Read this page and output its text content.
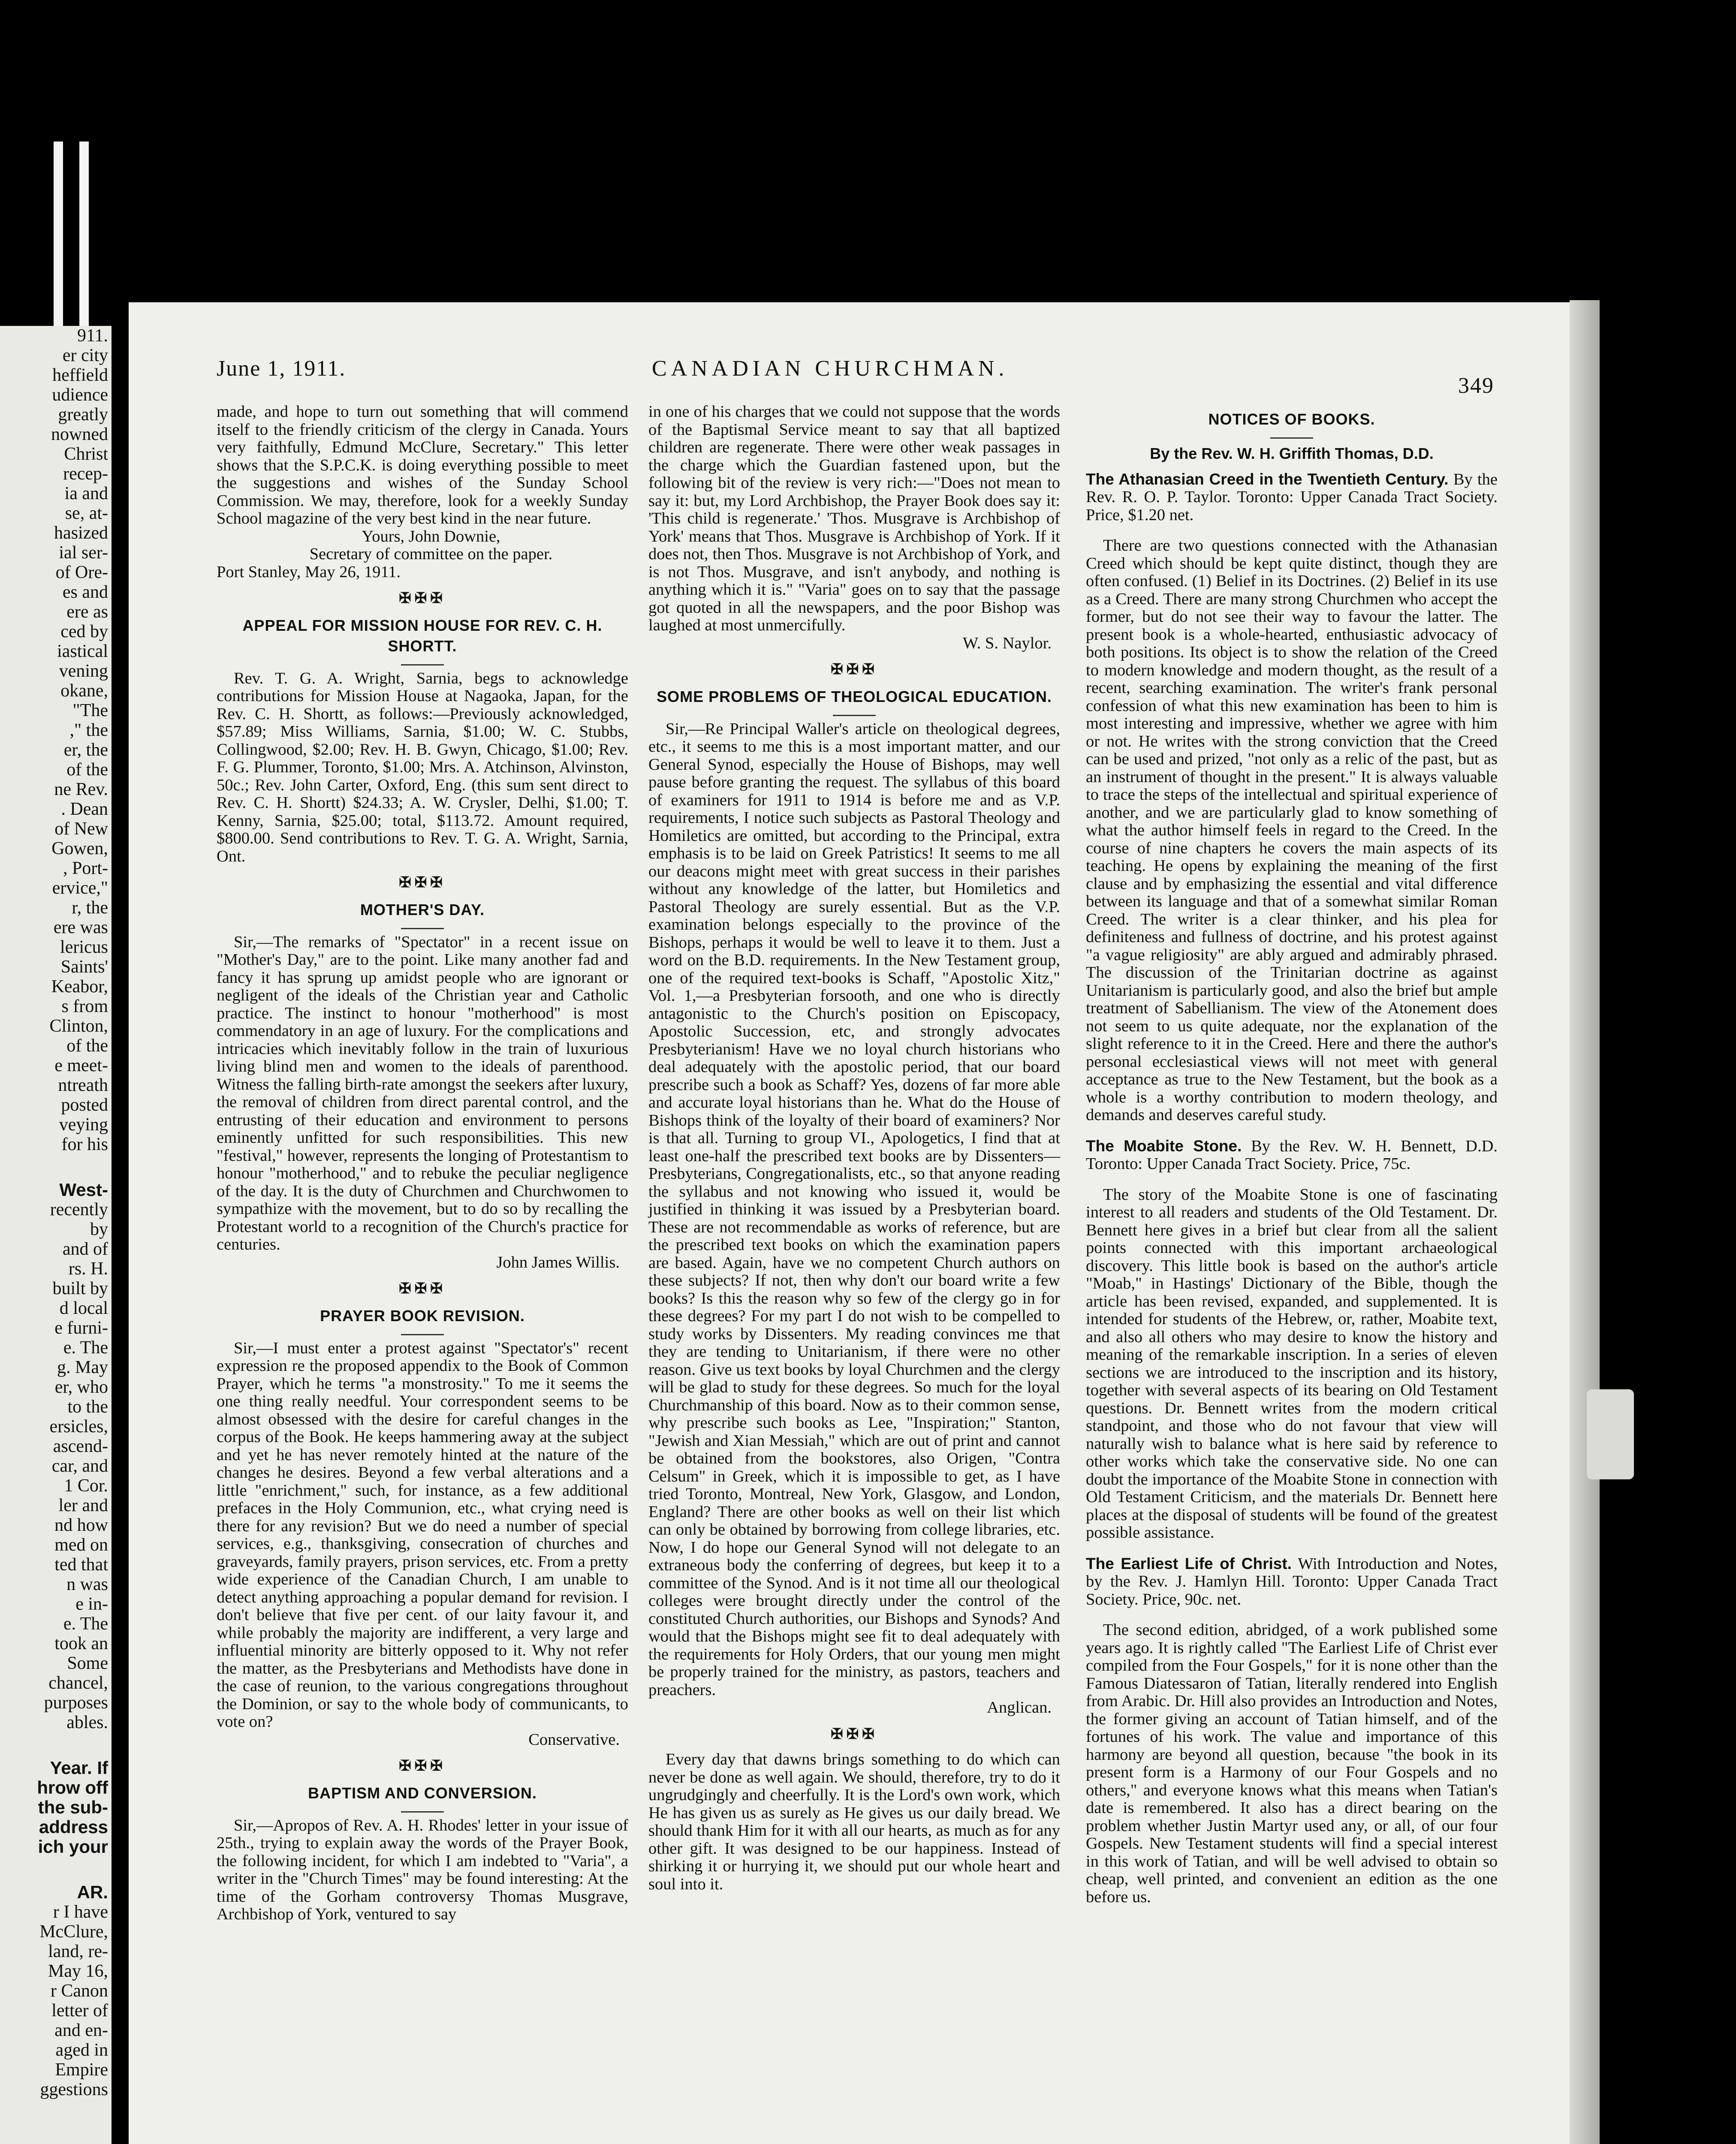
911.
er city
heffield
udience
greatly
nowned
Christ
recep-
ia and
se, at-
hasized
ial ser-
of Ore-
es and
ere as
ced by
iastical
vening
okane,
"The
," the
er, the
of the
ne Rev.
. Dean
of New
Gowen,
, Port-
ervice,"
r, the
ere was
lericus
Saints'
Keabor,
s from
Clinton,
of the
e meet-
ntreath
posted
veying
for his
West-
recently
by
and of
rs. H.
built by
d local
e furni-
e. The
g. May
er, who
to the
ersicles,
ascend-
car, and
1 Cor.
ler and
nd how
med on
ted that
n was
e in-
e. The
took an
Some
chancel,
purposes
ables.
Year. If
hrow off
the sub-
address
ich your
AR.
r I have
McClure,
land, re-
May 16,
r Canon
letter of
and en-
aged in
Empire
ggestions
June 1, 1911.	CANADIAN CHURCHMAN.
349

made, and hope to turn out something that will commend itself to the friendly criticism of the clergy in Canada. Yours very faithfully, Edmund McClure, Secretary." This letter shows that the S.P.C.K. is doing everything possible to meet the suggestions and wishes of the Sunday School Commission. We may, therefore, look for a weekly Sunday School magazine of the very best kind in the near future.

Yours, John Downie,

Secretary of committee on the paper.

Port Stanley, May 26, 1911.

✠✠✠
APPEAL FOR MISSION HOUSE FOR REV. C. H. SHORTT.

Rev. T. G. A. Wright, Sarnia, begs to acknowledge contributions for Mission House at Nagaoka, Japan, for the Rev. C. H. Shortt, as follows:—Previously acknowledged, $57.89; Miss Williams, Sarnia, $1.00; W. C. Stubbs, Collingwood, $2.00; Rev. H. B. Gwyn, Chicago, $1.00; Rev. F. G. Plummer, Toronto, $1.00; Mrs. A. Atchinson, Alvinston, 50c.; Rev. John Carter, Oxford, Eng. (this sum sent direct to Rev. C. H. Shortt) $24.33; A. W. Crysler, Delhi, $1.00; T. Kenny, Sarnia, $25.00; total, $113.72. Amount required, $800.00. Send contributions to Rev. T. G. A. Wright, Sarnia, Ont.

✠✠✠
MOTHER'S DAY.

Sir,—The remarks of "Spectator" in a recent issue on "Mother's Day," are to the point. Like many another fad and fancy it has sprung up amidst people who are ignorant or negligent of the ideals of the Christian year and Catholic practice. The instinct to honour "motherhood" is most commendatory in an age of luxury. For the complications and intricacies which inevitably follow in the train of luxurious living blind men and women to the ideals of parenthood. Witness the falling birth-rate amongst the seekers after luxury, the removal of children from direct parental control, and the entrusting of their education and environment to persons eminently unfitted for such responsibilities. This new "festival," however, represents the longing of Protestantism to honour "motherhood," and to rebuke the peculiar negligence of the day. It is the duty of Churchmen and Churchwomen to sympathize with the movement, but to do so by recalling the Protestant world to a recognition of the Church's practice for centuries.

John James Willis.

✠✠✠
PRAYER BOOK REVISION.

Sir,—I must enter a protest against "Spectator's" recent expression re the proposed appendix to the Book of Common Prayer, which he terms "a monstrosity." To me it seems the one thing really needful. Your correspondent seems to be almost obsessed with the desire for careful changes in the corpus of the Book. He keeps hammering away at the subject and yet he has never remotely hinted at the nature of the changes he desires. Beyond a few verbal alterations and a little "enrichment," such, for instance, as a few additional prefaces in the Holy Communion, etc., what crying need is there for any revision? But we do need a number of special services, e.g., thanksgiving, consecration of churches and graveyards, family prayers, prison services, etc. From a pretty wide experience of the Canadian Church, I am unable to detect anything approaching a popular demand for revision. I don't believe that five per cent. of our laity favour it, and while probably the majority are indifferent, a very large and influential minority are bitterly opposed to it. Why not refer the matter, as the Presbyterians and Methodists have done in the case of reunion, to the various congregations throughout the Dominion, or say to the whole body of communicants, to vote on?

Conservative.

✠✠✠
BAPTISM AND CONVERSION.

Sir,—Apropos of Rev. A. H. Rhodes' letter in your issue of 25th., trying to explain away the words of the Prayer Book, the following incident, for which I am indebted to "Varia", a writer in the "Church Times" may be found interesting: At the time of the Gorham controversy Thomas Musgrave, Archbishop of York, ventured to say

in one of his charges that we could not suppose that the words of the Baptismal Service meant to say that all baptized children are regenerate. There were other weak passages in the charge which the Guardian fastened upon, but the following bit of the review is very rich:—"Does not mean to say it: but, my Lord Archbishop, the Prayer Book does say it: 'This child is regenerate.' 'Thos. Musgrave is Archbishop of York' means that Thos. Musgrave is Archbishop of York. If it does not, then Thos. Musgrave is not Archbishop of York, and is not Thos. Musgrave, and isn't anybody, and nothing is anything which it is." "Varia" goes on to say that the passage got quoted in all the newspapers, and the poor Bishop was laughed at most unmercifully.

W. S. Naylor.

✠✠✠
SOME PROBLEMS OF THEOLOGICAL EDUCATION.

Sir,—Re Principal Waller's article on theological degrees, etc., it seems to me this is a most important matter, and our General Synod, especially the House of Bishops, may well pause before granting the request. The syllabus of this board of examiners for 1911 to 1914 is before me and as V.P. requirements, I notice such subjects as Pastoral Theology and Homiletics are omitted, but according to the Principal, extra emphasis is to be laid on Greek Patristics! It seems to me all our deacons might meet with great success in their parishes without any knowledge of the latter, but Homiletics and Pastoral Theology are surely essential. But as the V.P. examination belongs especially to the province of the Bishops, perhaps it would be well to leave it to them. Just a word on the B.D. requirements. In the New Testament group, one of the required text-books is Schaff, "Apostolic Xitz," Vol. 1,—a Presbyterian forsooth, and one who is directly antagonistic to the Church's position on Episcopacy, Apostolic Succession, etc, and strongly advocates Presbyterianism! Have we no loyal church historians who deal adequately with the apostolic period, that our board prescribe such a book as Schaff? Yes, dozens of far more able and accurate loyal historians than he. What do the House of Bishops think of the loyalty of their board of examiners? Nor is that all. Turning to group VI., Apologetics, I find that at least one-half the prescribed text books are by Dissenters—Presbyterians, Congregationalists, etc., so that anyone reading the syllabus and not knowing who issued it, would be justified in thinking it was issued by a Presbyterian board. These are not recommendable as works of reference, but are the prescribed text books on which the examination papers are based. Again, have we no competent Church authors on these subjects? If not, then why don't our board write a few books? Is this the reason why so few of the clergy go in for these degrees? For my part I do not wish to be compelled to study works by Dissenters. My reading convinces me that they are tending to Unitarianism, if there were no other reason. Give us text books by loyal Churchmen and the clergy will be glad to study for these degrees. So much for the loyal Churchmanship of this board. Now as to their common sense, why prescribe such books as Lee, "Inspiration;" Stanton, "Jewish and Xian Messiah," which are out of print and cannot be obtained from the bookstores, also Origen, "Contra Celsum" in Greek, which it is impossible to get, as I have tried Toronto, Montreal, New York, Glasgow, and London, England? There are other books as well on their list which can only be obtained by borrowing from college libraries, etc. Now, I do hope our General Synod will not delegate to an extraneous body the conferring of degrees, but keep it to a committee of the Synod. And is it not time all our theological colleges were brought directly under the control of the constituted Church authorities, our Bishops and Synods? And would that the Bishops might see fit to deal adequately with the requirements for Holy Orders, that our young men might be properly trained for the ministry, as pastors, teachers and preachers.

Anglican.

✠✠✠

Every day that dawns brings something to do which can never be done as well again. We should, therefore, try to do it ungrudgingly and cheerfully. It is the Lord's own work, which He has given us as surely as He gives us our daily bread. We should thank Him for it with all our hearts, as much as for any other gift. It was designed to be our happiness. Instead of shirking it or hurrying it, we should put our whole heart and soul into it.

NOTICES OF BOOKS.
By the Rev. W. H. Griffith Thomas, D.D.

The Athanasian Creed in the Twentieth Century. By the Rev. R. O. P. Taylor. Toronto: Upper Canada Tract Society. Price, $1.20 net.

There are two questions connected with the Athanasian Creed which should be kept quite distinct, though they are often confused. (1) Belief in its Doctrines. (2) Belief in its use as a Creed. There are many strong Churchmen who accept the former, but do not see their way to favour the latter. The present book is a whole-hearted, enthusiastic advocacy of both positions. Its object is to show the relation of the Creed to modern knowledge and modern thought, as the result of a recent, searching examination. The writer's frank personal confession of what this new examination has been to him is most interesting and impressive, whether we agree with him or not. He writes with the strong conviction that the Creed can be used and prized, "not only as a relic of the past, but as an instrument of thought in the present." It is always valuable to trace the steps of the intellectual and spiritual experience of another, and we are particularly glad to know something of what the author himself feels in regard to the Creed. In the course of nine chapters he covers the main aspects of its teaching. He opens by explaining the meaning of the first clause and by emphasizing the essential and vital difference between its language and that of a somewhat similar Roman Creed. The writer is a clear thinker, and his plea for definiteness and fullness of doctrine, and his protest against "a vague religiosity" are ably argued and admirably phrased. The discussion of the Trinitarian doctrine as against Unitarianism is particularly good, and also the brief but ample treatment of Sabellianism. The view of the Atonement does not seem to us quite adequate, nor the explanation of the slight reference to it in the Creed. Here and there the author's personal ecclesiastical views will not meet with general acceptance as true to the New Testament, but the book as a whole is a worthy contribution to modern theology, and demands and deserves careful study.

The Moabite Stone. By the Rev. W. H. Bennett, D.D. Toronto: Upper Canada Tract Society. Price, 75c.

The story of the Moabite Stone is one of fascinating interest to all readers and students of the Old Testament. Dr. Bennett here gives in a brief but clear from all the salient points connected with this important archaeological discovery. This little book is based on the author's article "Moab," in Hastings' Dictionary of the Bible, though the article has been revised, expanded, and supplemented. It is intended for students of the Hebrew, or, rather, Moabite text, and also all others who may desire to know the history and meaning of the remarkable inscription. In a series of eleven sections we are introduced to the inscription and its history, together with several aspects of its bearing on Old Testament questions. Dr. Bennett writes from the modern critical standpoint, and those who do not favour that view will naturally wish to balance what is here said by reference to other works which take the conservative side. No one can doubt the importance of the Moabite Stone in connection with Old Testament Criticism, and the materials Dr. Bennett here places at the disposal of students will be found of the greatest possible assistance.

The Earliest Life of Christ. With Introduction and Notes, by the Rev. J. Hamlyn Hill. Toronto: Upper Canada Tract Society. Price, 90c. net.

The second edition, abridged, of a work published some years ago. It is rightly called "The Earliest Life of Christ ever compiled from the Four Gospels," for it is none other than the Famous Diatessaron of Tatian, literally rendered into English from Arabic. Dr. Hill also provides an Introduction and Notes, the former giving an account of Tatian himself, and of the fortunes of his work. The value and importance of this harmony are beyond all question, because "the book in its present form is a Harmony of our Four Gospels and no others," and everyone knows what this means when Tatian's date is remembered. It also has a direct bearing on the problem whether Justin Martyr used any, or all, of our four Gospels. New Testament students will find a special interest in this work of Tatian, and will be well advised to obtain so cheap, well printed, and convenient an edition as the one before us.
